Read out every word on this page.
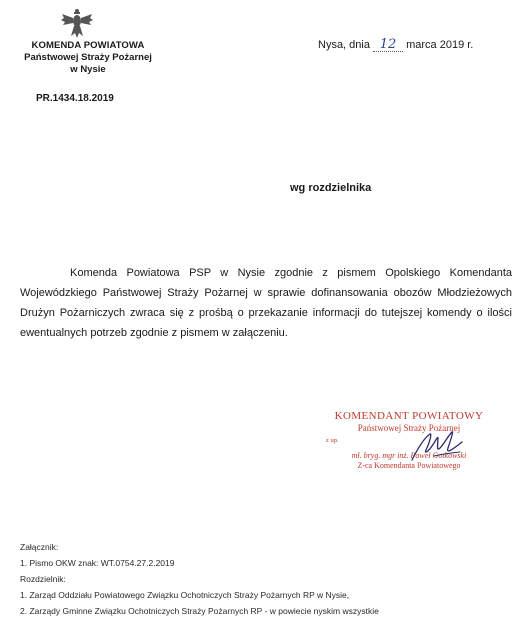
KOMENDA POWIATOWA
Państwowej Straży Pożarnej
w Nysie
PR.1434.18.2019
Nysa, dnia 12 marca 2019 r.
wg rozdzielnika
Komenda Powiatowa PSP w Nysie zgodnie z pismem Opolskiego Komendanta Wojewódzkiego Państwowej Straży Pożarnej w sprawie dofinansowania obozów Młodzieżowych Drużyn Pożarniczych zwraca się z prośbą o przekazanie informacji do tutejszej komendy o ilości ewentualnych potrzeb zgodnie z pismem w załączeniu.
KOMENDANT POWIATOWY
Państwowej Straży Pożarnej
z up.
mł. bryg. mgr inż. Paweł Gotkowski
Z-ca Komendanta Powiatowego
Załącznik:
1. Pismo OKW znak: WT.0754.27.2.2019
Rozdzielnik:
1. Zarząd Oddziału Powiatowego Związku Ochotniczych Straży Pożarnych RP w Nysie,
2. Zarządy Gminne Związku Ochotniczych Straży Pożarnych RP - w powiecie nyskim wszystkie
